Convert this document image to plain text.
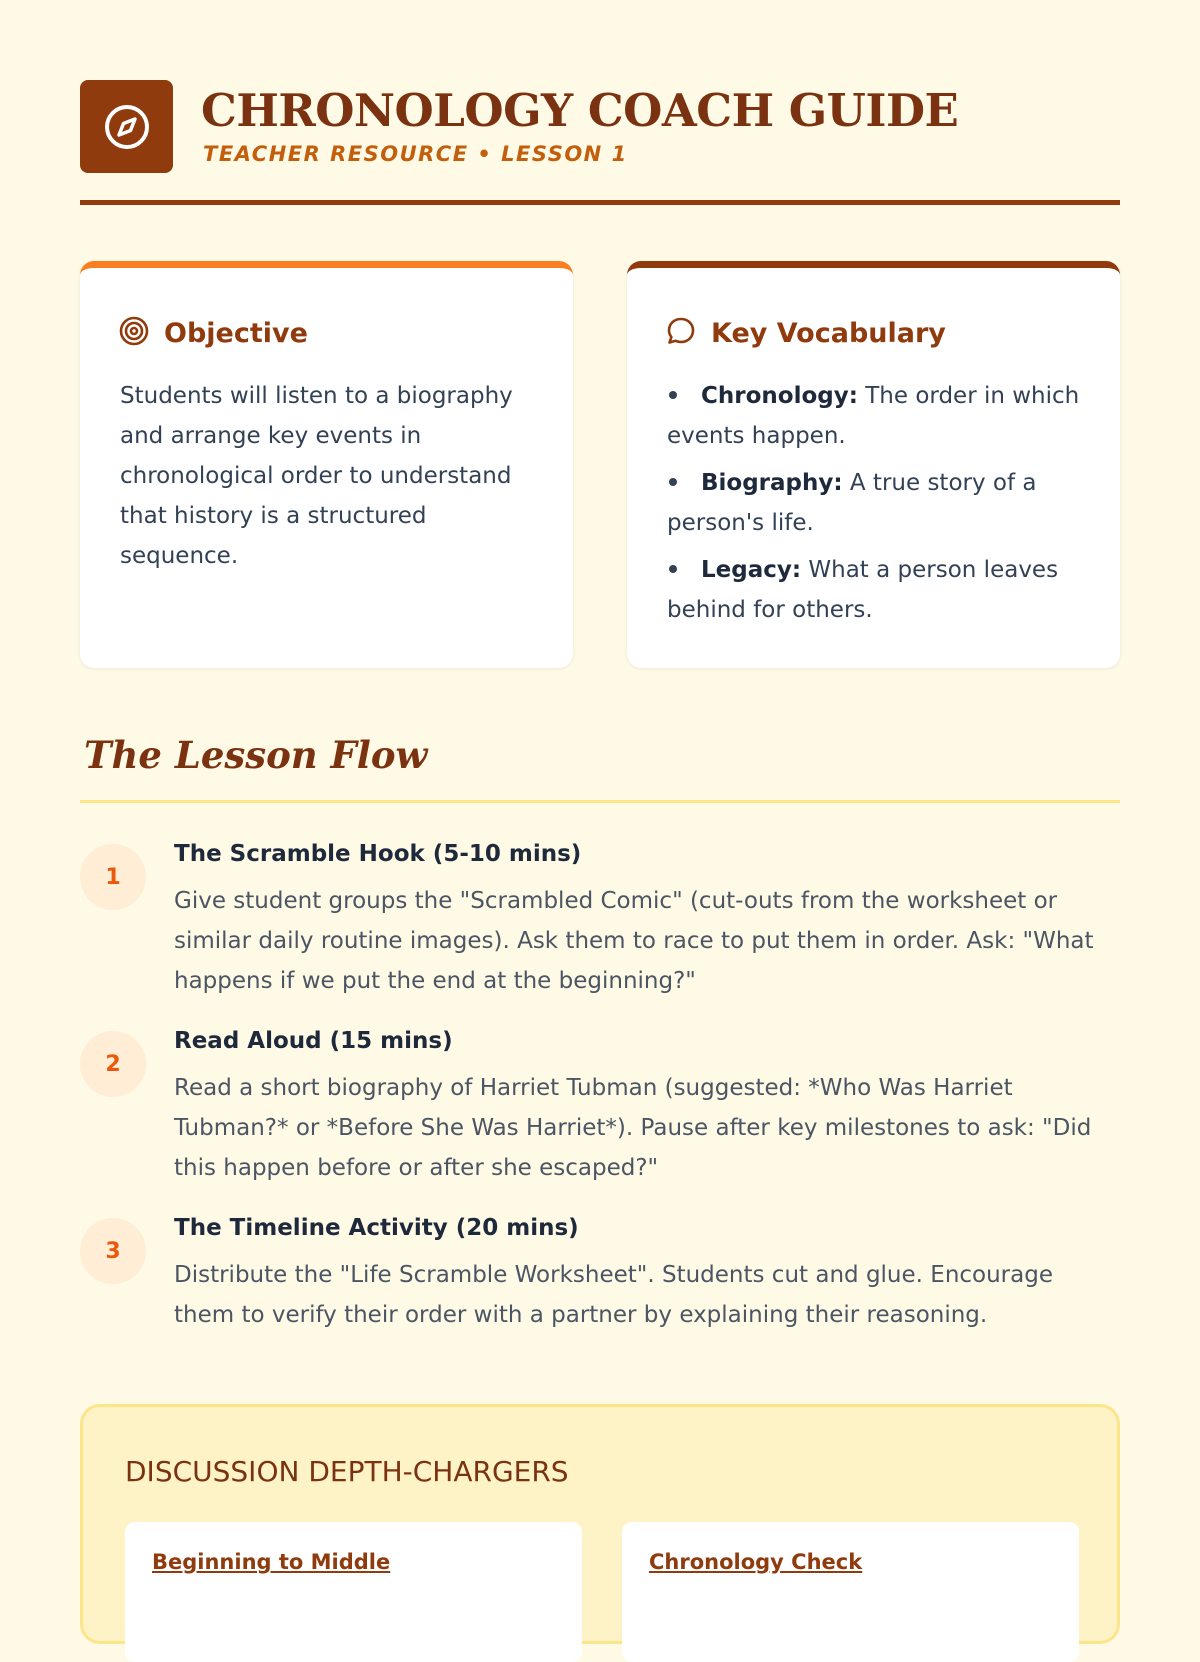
CHRONOLOGY COACH GUIDE
TEACHER RESOURCE • LESSON 1
Objective
Students will listen to a biography and arrange key events in chronological order to understand that history is a structured sequence.
Key Vocabulary
Chronology: The order in which events happen.
Biography: A true story of a person's life.
Legacy: What a person leaves behind for others.
The Lesson Flow
1
The Scramble Hook (5-10 mins)
Give student groups the "Scrambled Comic" (cut-outs from the worksheet or similar daily routine images). Ask them to race to put them in order. Ask: "What happens if we put the end at the beginning?"
2
Read Aloud (15 mins)
Read a short biography of Harriet Tubman (suggested: *Who Was Harriet Tubman?* or *Before She Was Harriet*). Pause after key milestones to ask: "Did this happen before or after she escaped?"
3
The Timeline Activity (20 mins)
Distribute the "Life Scramble Worksheet". Students cut and glue. Encourage them to verify their order with a partner by explaining their reasoning.
DISCUSSION DEPTH-CHARGERS
Beginning to Middle	Chronology Check
